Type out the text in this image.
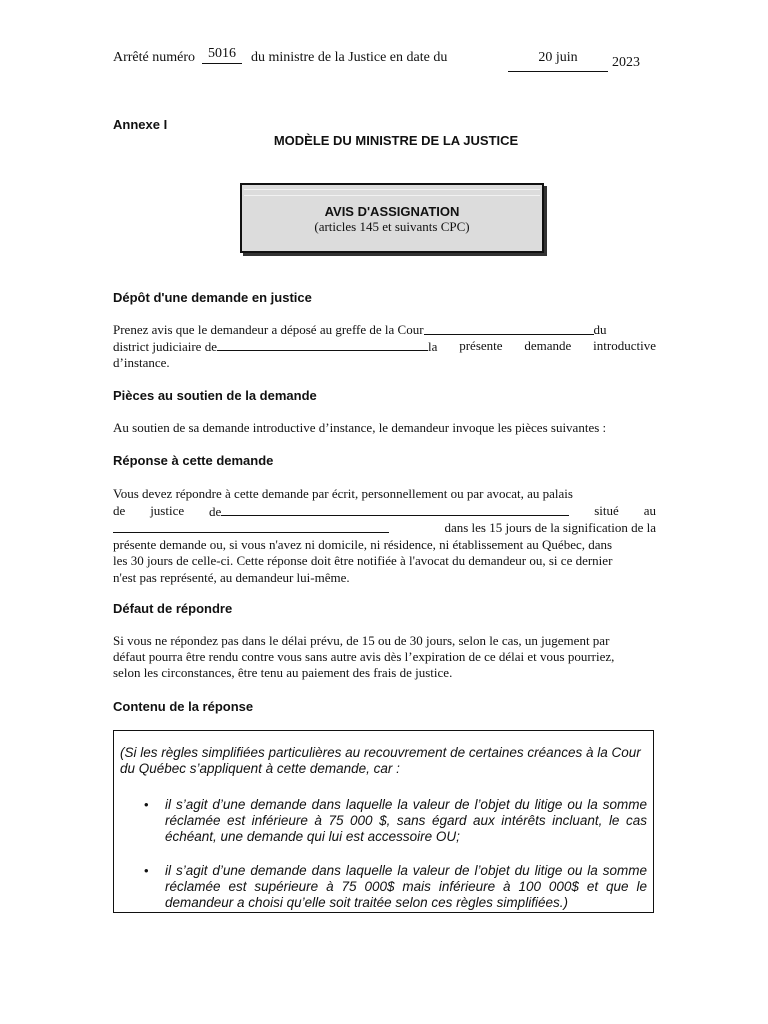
Arrêté numéro 5016	du ministre de la Justice en date du	20 juin	2023
Annexe I
MODÈLE DU MINISTRE DE LA JUSTICE
AVIS D'ASSIGNATION
(articles 145 et suivants CPC)
Dépôt d'une demande en justice
Prenez avis que le demandeur a déposé au greffe de la Cour	du
district judiciaire de	la présente demande introductive
d’instance.
Pièces au soutien de la demande
Au soutien de sa demande introductive d’instance, le demandeur invoque les pièces suivantes :
Réponse à cette demande
Vous devez répondre à cette demande par écrit, personnellement ou par avocat, au palais
de justice de	situé au
dans les 15 jours de la signification de la
présente demande ou, si vous n'avez ni domicile, ni résidence, ni établissement au Québec, dans
les 30 jours de celle-ci. Cette réponse doit être notifiée à l'avocat du demandeur ou, si ce dernier
n'est pas représenté, au demandeur lui-même.
Défaut de répondre
Si vous ne répondez pas dans le délai prévu, de 15 ou de 30 jours, selon le cas, un jugement par
défaut pourra être rendu contre vous sans autre avis dès l’expiration de ce délai et vous pourriez,
selon les circonstances, être tenu au paiement des frais de justice.
Contenu de la réponse
(Si les règles simplifiées particulières au recouvrement de certaines créances à la Cour du Québec s’appliquent à cette demande, car :
•	il s’agit d’une demande dans laquelle la valeur de l’objet du litige ou la somme réclamée est inférieure à 75 000 $, sans égard aux intérêts incluant, le cas échéant, une demande qui lui est accessoire OU;
•	il s’agit d’une demande dans laquelle la valeur de l’objet du litige ou la somme réclamée est supérieure à 75 000$ mais inférieure à 100 000$ et que le demandeur a choisi qu’elle soit traitée selon ces règles simplifiées.)
